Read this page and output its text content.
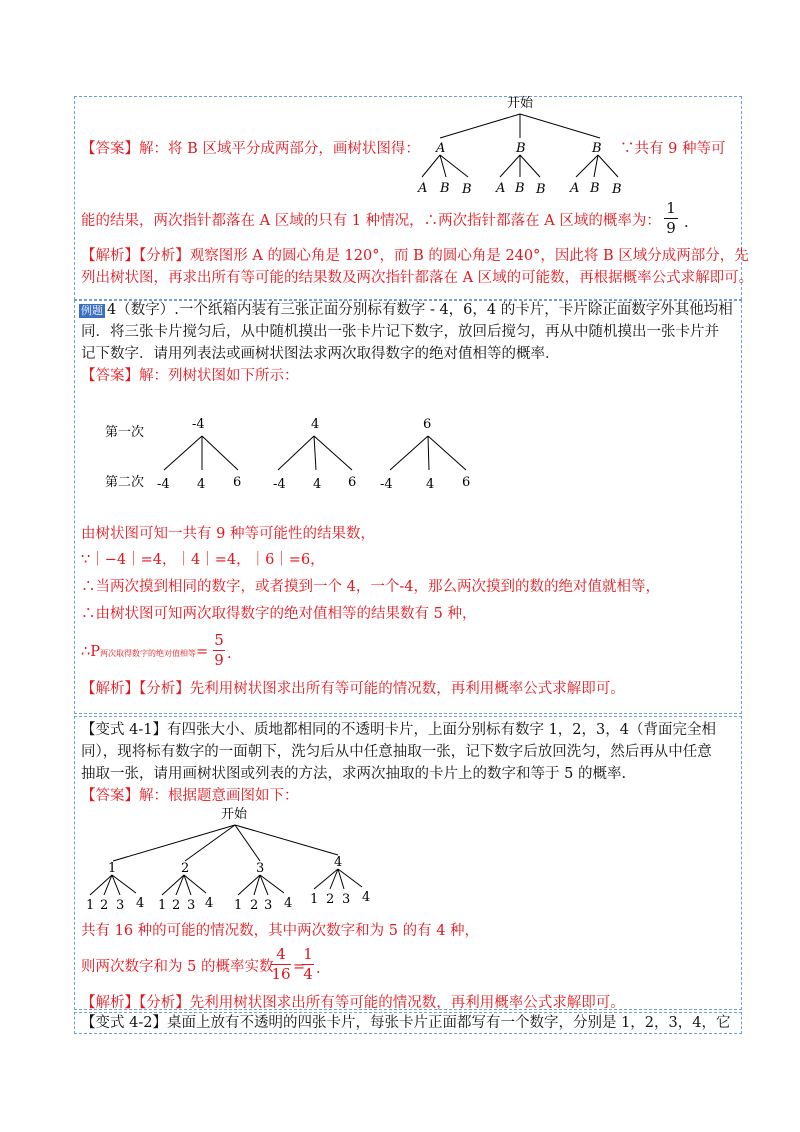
【答案】解：将 B 区域平分成两部分，画树状图得：	∵共有 9 种等可
开始
A	B	B
A B B A B B A B B
能的结果，两次指针都落在 A 区域的只有 1 种情况，∴两次指针都落在 A 区域的概率为：
1
9 .
【解析】【分析】观察图形 A 的圆心角是 120°，而 B 的圆心角是 240°，因此将 B 区域分成两部分，先
列出树状图，再求出所有等可能的结果数及两次指针都落在 A 区域的可能数，再根据概率公式求解即可。
例题 4（数字）.一个纸箱内装有三张正面分别标有数字 - 4，6，4 的卡片，卡片除正面数字外其他均相
同．将三张卡片搅匀后，从中随机摸出一张卡片记下数字，放回后搅匀，再从中随机摸出一张卡片并
记下数字．请用列表法或画树状图法求两次取得数字的绝对值相等的概率．
【答案】解：列树状图如下所示：
第一次
第二次
-4	4	6
-4 4 6 -4 4 6 -4	4 6
由树状图可知一共有 9 种等可能性的结果数，
∵｜−4｜=4，｜4｜=4，｜6｜=6，
∴当两次摸到相同的数字，或者摸到一个 4，一个-4，那么两次摸到的数的绝对值就相等，
∴由树状图可知两次取得数字的绝对值相等的结果数有 5 种，
∴P两次取得数字的绝对值相等=
5
9 .
【解析】【分析】先利用树状图求出所有等可能的情况数，再利用概率公式求解即可。
【变式 4-1】有四张大小、质地都相同的不透明卡片，上面分别标有数字 1，2，3，4（背面完全相
同），现将标有数字的一面朝下，洗匀后从中任意抽取一张，记下数字后放回洗匀，然后再从中任意
抽取一张，请用画树状图或列表的方法，求两次抽取的卡片上的数字和等于 5 的概率.
【答案】解：根据题意画图如下：
开始
1	2	3	4
1 2 3 4 1 2 3 4 1 2 3 4 1 2 3 4
共有 16 种的可能的情况数，其中两次数字和为 5 的有 4 种，
则两次数字和为 5 的概率实数
4
16 =
1
4 .
【解析】【分析】先利用树状图求出所有等可能的情况数，再利用概率公式求解即可。
【变式 4-2】桌面上放有不透明的四张卡片，每张卡片正面都写有一个数字，分别是 1，2，3，4，它
